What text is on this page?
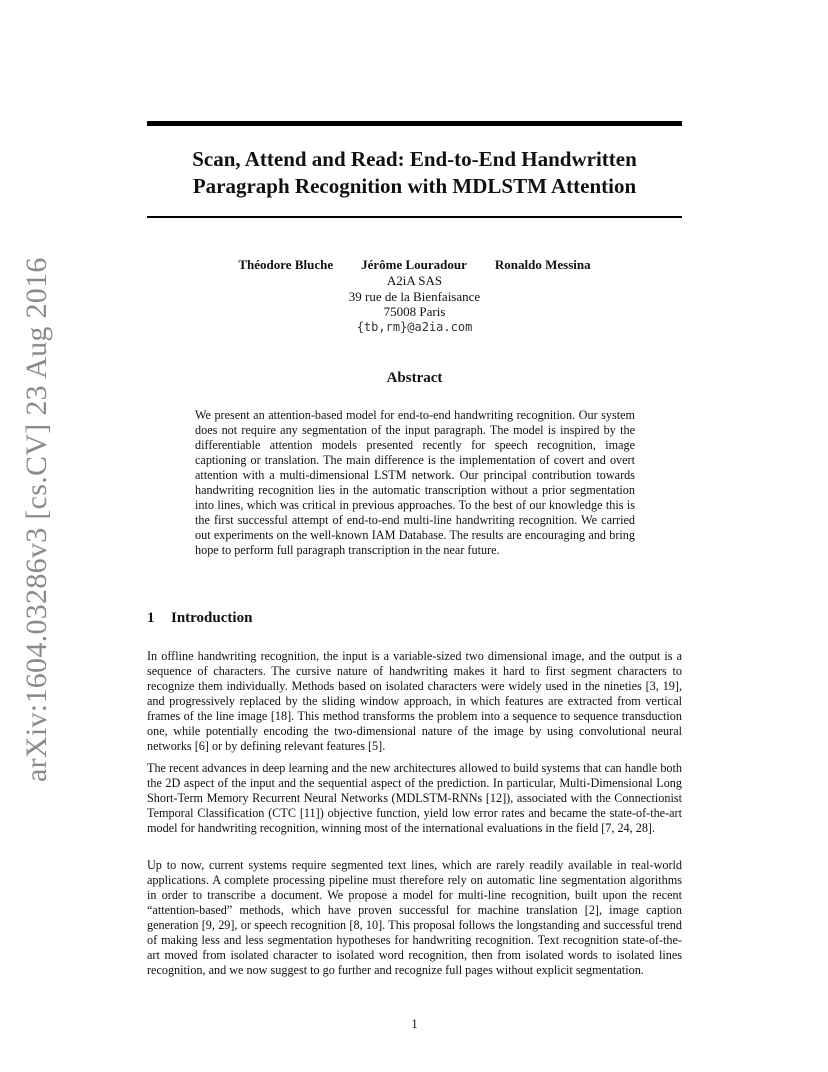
arXiv:1604.03286v3 [cs.CV] 23 Aug 2016
Scan, Attend and Read: End-to-End Handwritten
Paragraph Recognition with MDLSTM Attention
Théodore Bluche Jérôme Louradour Ronaldo Messina
A2iA SAS
39 rue de la Bienfaisance
75008 Paris
{tb,rm}@a2ia.com
Abstract

We present an attention-based model for end-to-end handwriting recognition. Our system does not require any segmentation of the input paragraph. The model is inspired by the differentiable attention models presented recently for speech recognition, image captioning or translation. The main difference is the implementation of covert and overt attention with a multi-dimensional LSTM network. Our principal contribution towards handwriting recognition lies in the automatic transcription without a prior segmentation into lines, which was critical in previous approaches. To the best of our knowledge this is the first successful attempt of end-to-end multi-line handwriting recognition. We carried out experiments on the well-known IAM Database. The results are encouraging and bring hope to perform full paragraph transcription in the near future.

1 Introduction

In offline handwriting recognition, the input is a variable-sized two dimensional image, and the output is a sequence of characters. The cursive nature of handwriting makes it hard to first segment characters to recognize them individually. Methods based on isolated characters were widely used in the nineties [3, 19], and progressively replaced by the sliding window approach, in which features are extracted from vertical frames of the line image [18]. This method transforms the problem into a sequence to sequence transduction one, while potentially encoding the two-dimensional nature of the image by using convolutional neural networks [6] or by defining relevant features [5].

The recent advances in deep learning and the new architectures allowed to build systems that can handle both the 2D aspect of the input and the sequential aspect of the prediction. In particular, Multi-Dimensional Long Short-Term Memory Recurrent Neural Networks (MDLSTM-RNNs [12]), associated with the Connectionist Temporal Classification (CTC [11]) objective function, yield low error rates and became the state-of-the-art model for handwriting recognition, winning most of the international evaluations in the field [7, 24, 28].

Up to now, current systems require segmented text lines, which are rarely readily available in real-world applications. A complete processing pipeline must therefore rely on automatic line segmentation algorithms in order to transcribe a document. We propose a model for multi-line recognition, built upon the recent “attention-based” methods, which have proven successful for machine translation [2], image caption generation [9, 29], or speech recognition [8, 10]. This proposal follows the longstanding and successful trend of making less and less segmentation hypotheses for handwriting recognition. Text recognition state-of-the-art moved from isolated character to isolated word recognition, then from isolated words to isolated lines recognition, and we now suggest to go further and recognize full pages without explicit segmentation.

1
